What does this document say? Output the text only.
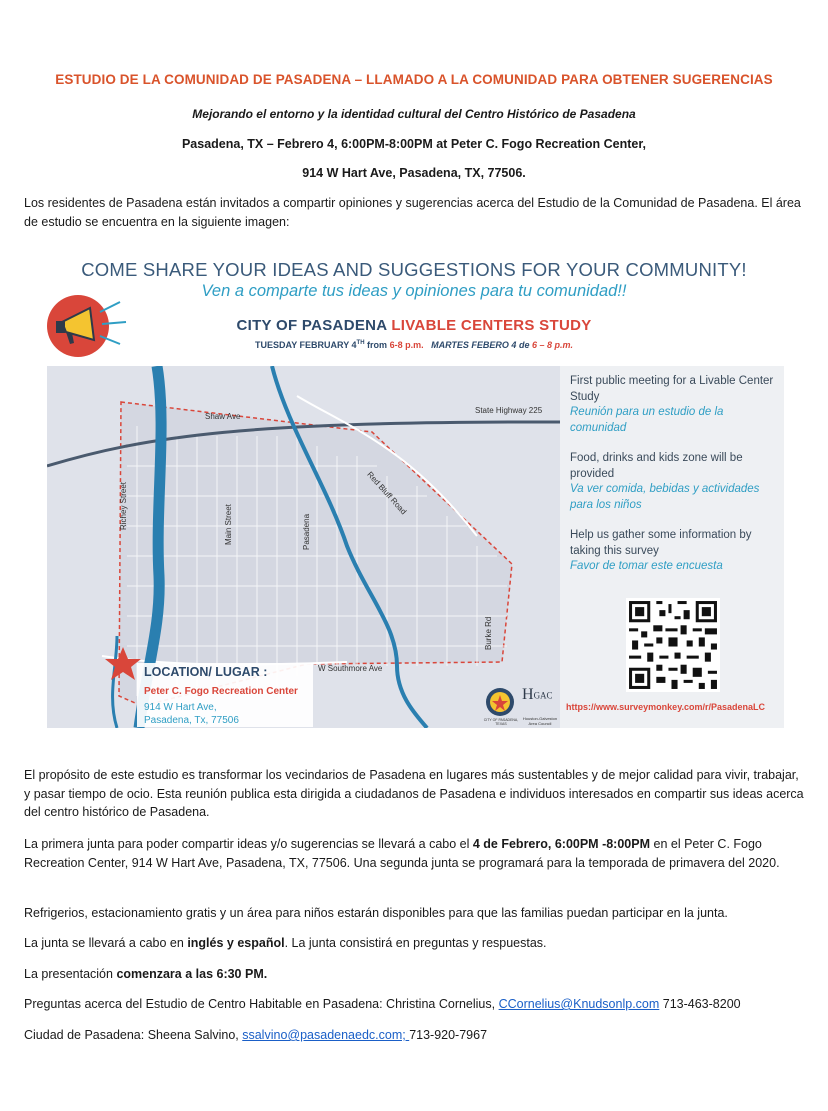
ESTUDIO DE LA COMUNIDAD DE PASADENA – LLAMADO A LA COMUNIDAD PARA OBTENER SUGERENCIAS
Mejorando el entorno y la identidad cultural del Centro Histórico de Pasadena
Pasadena, TX – Febrero 4, 6:00PM-8:00PM at Peter C. Fogo Recreation Center,
914 W Hart Ave, Pasadena, TX, 77506.
Los residentes de Pasadena están invitados a compartir opiniones y sugerencias acerca del Estudio de la Comunidad de Pasadena. El área de estudio se encuentra en la siguiente imagen:
COME SHARE YOUR IDEAS AND SUGGESTIONS FOR YOUR COMMUNITY!
Ven a comparte tus ideas y opiniones para tu comunidad!!
CITY OF PASADENA LIVABLE CENTERS STUDY
TUESDAY FEBRUARY 4TH from 6-8 p.m. MARTES FEBERO 4 de 6 – 8 p.m.
Shaw Ave
State Highway 225
Red Bluff Road
Richey Street	Main Street	Pasadena
Burke Rd
W Southmore Ave
LOCATION/ LUGAR :
Peter C. Fogo Recreation Center
914 W Hart Ave,
Pasadena, Tx, 77506	CITY OF PASADENA, TEXAS
HGAC
Houston-Galveston Area Council
First public meeting for a Livable Center Study
Reunión para un estudio de la comunidad
Food, drinks and kids zone will be provided
Va ver comida, bebidas y actividades para los niños
Help us gather some information by taking this survey
Favor de tomar este encuesta
https://www.surveymonkey.com/r/PasadenaLC
El propósito de este estudio es transformar los vecindarios de Pasadena en lugares más sustentables y de mejor calidad para vivir, trabajar, y pasar tiempo de ocio. Esta reunión publica esta dirigida a ciudadanos de Pasadena e individuos interesados en compartir sus ideas acerca del centro histórico de Pasadena.
La primera junta para poder compartir ideas y/o sugerencias se llevará a cabo el 4 de Febrero, 6:00PM -8:00PM en el Peter C. Fogo Recreation Center, 914 W Hart Ave, Pasadena, TX, 77506. Una segunda junta se programará para la temporada de primavera del 2020.
Refrigerios, estacionamiento gratis y un área para niños estarán disponibles para que las familias puedan participar en la junta.
La junta se llevará a cabo en inglés y español. La junta consistirá en preguntas y respuestas.
La presentación comenzara a las 6:30 PM.
Preguntas acerca del Estudio de Centro Habitable en Pasadena: Christina Cornelius, CCornelius@Knudsonlp.com 713-463-8200
Ciudad de Pasadena: Sheena Salvino, ssalvino@pasadenaedc.com; 713-920-7967
